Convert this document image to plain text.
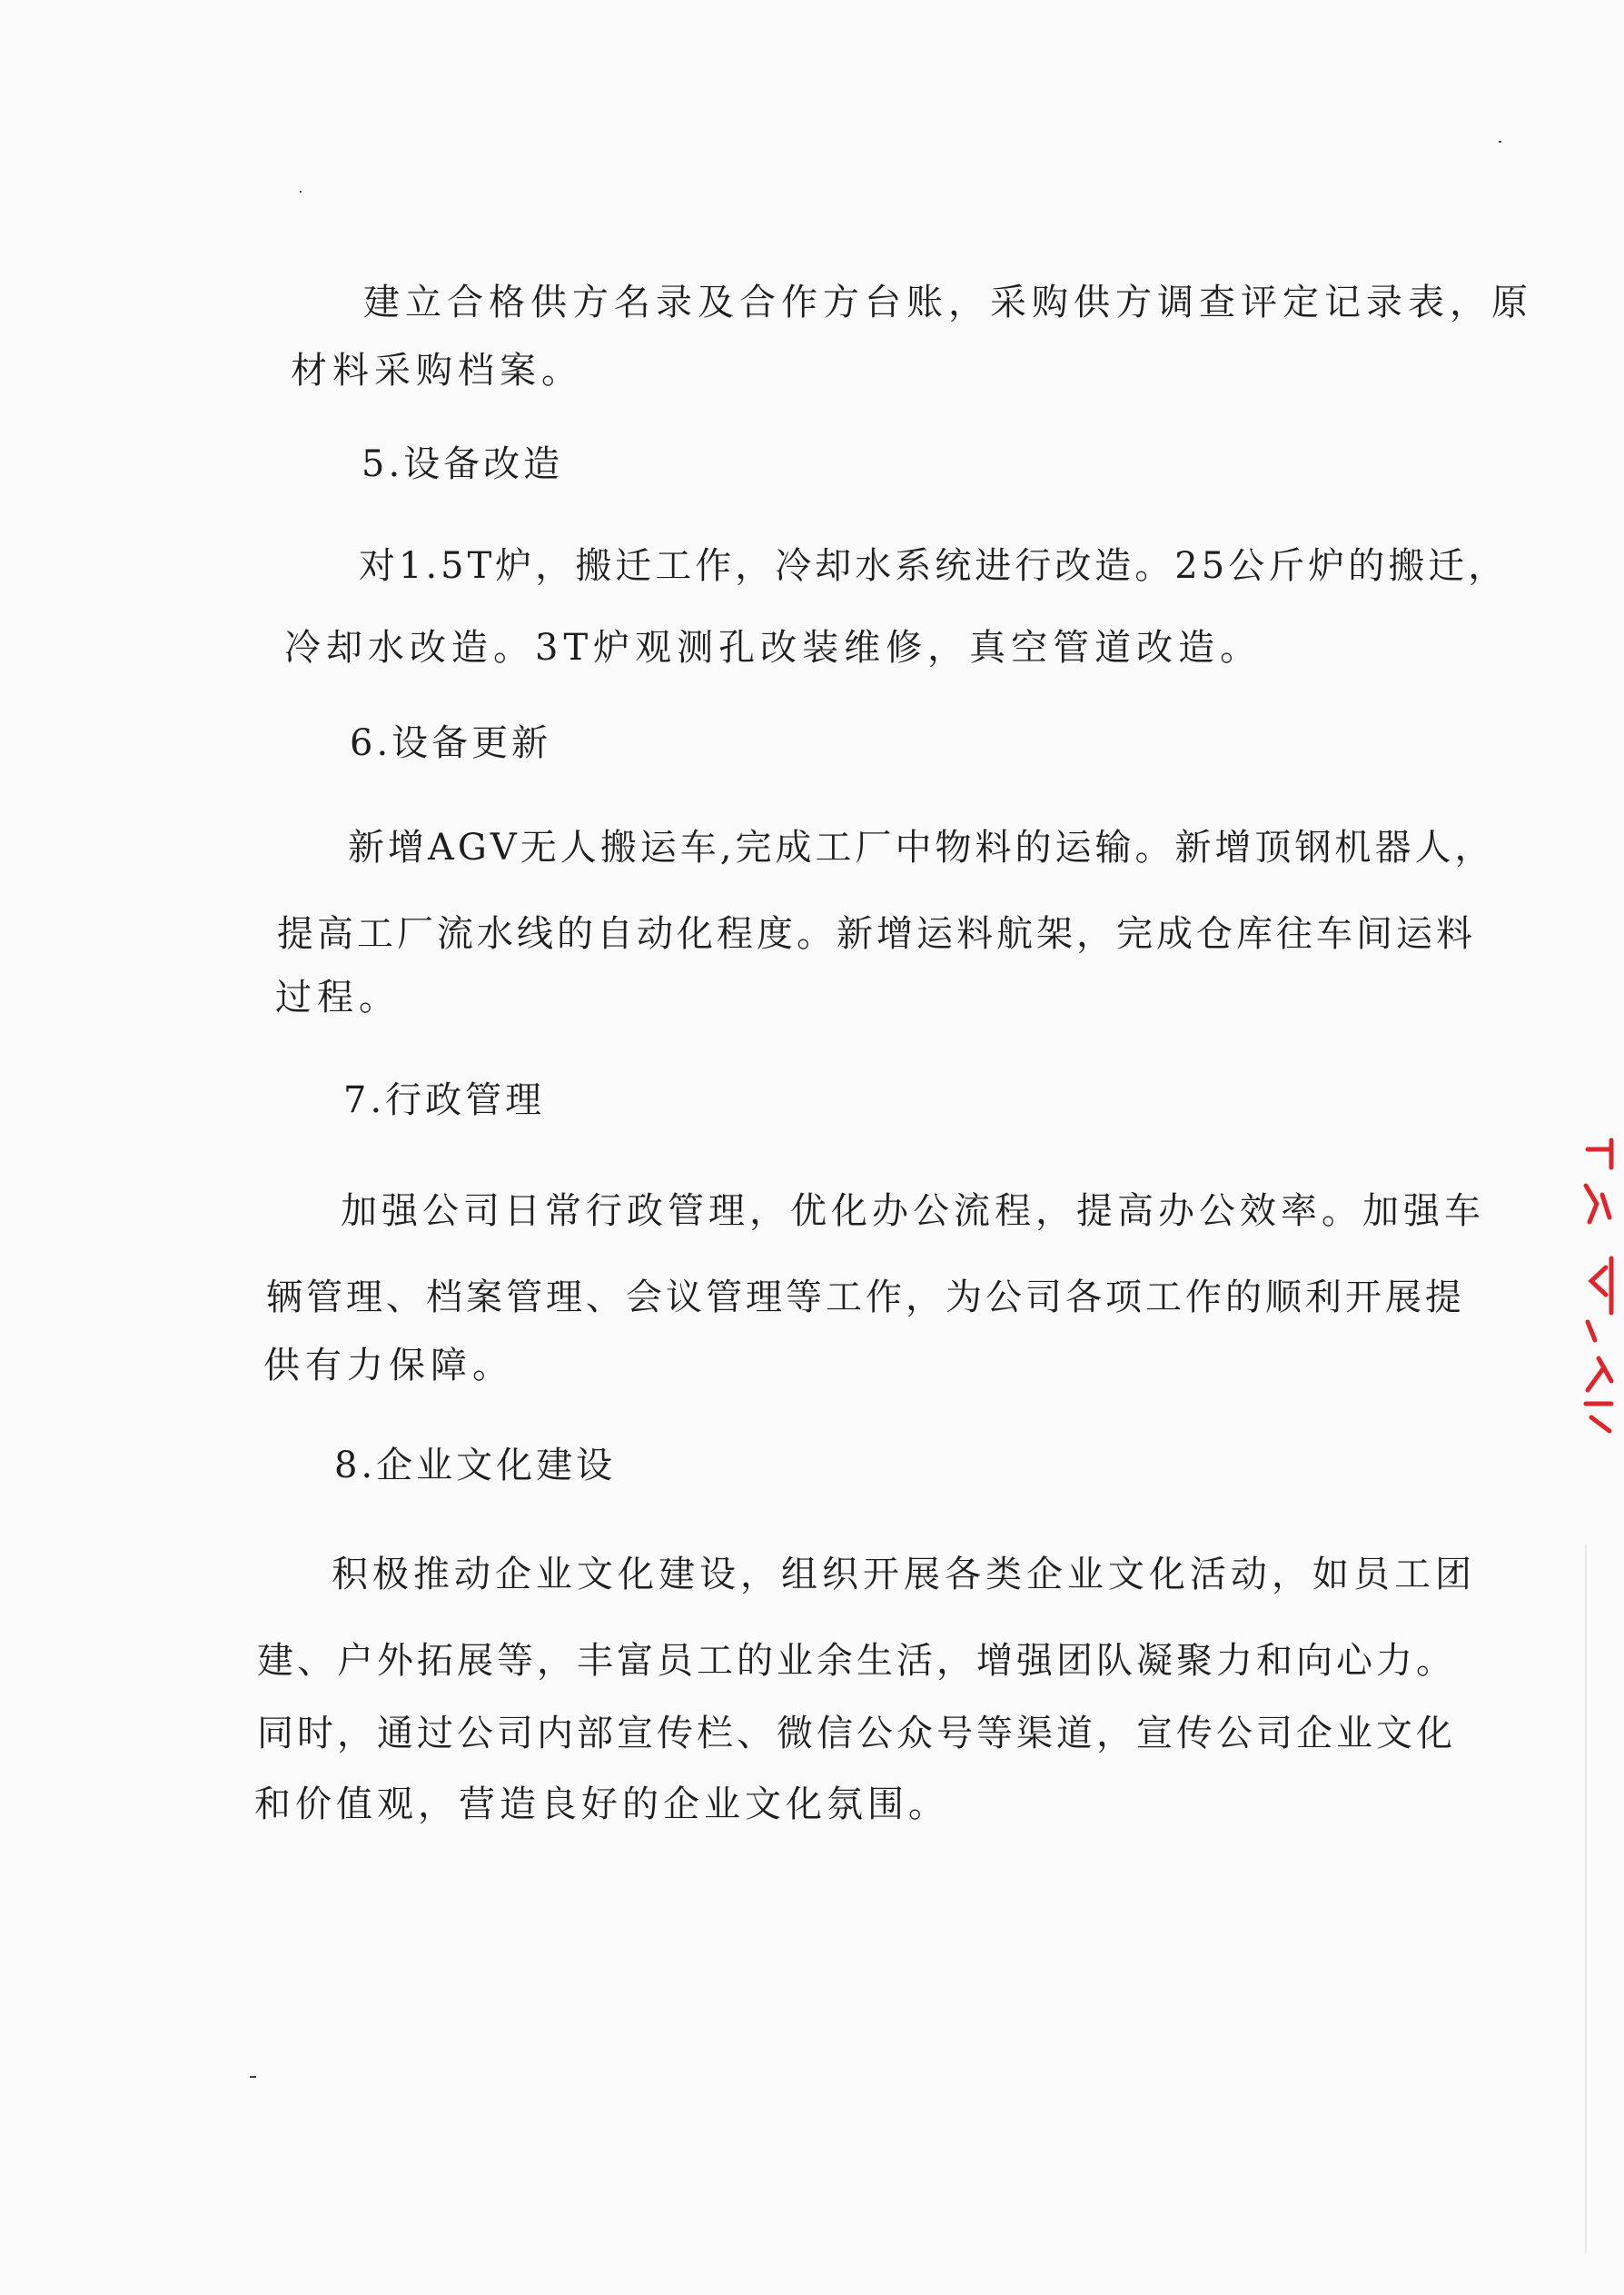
建立合格供方名录及合作方台账，采购供方调查评定记录表，原
材料采购档案。
5.设备改造
对1.5T炉，搬迁工作，冷却水系统进行改造。25公斤炉的搬迁，
冷却水改造。3T炉观测孔改装维修，真空管道改造。
6.设备更新
新增AGV无人搬运车,完成工厂中物料的运输。新增顶钢机器人，
提高工厂流水线的自动化程度。新增运料航架，完成仓库往车间运料
过程。
7.行政管理
加强公司日常行政管理，优化办公流程，提高办公效率。加强车
辆管理、档案管理、会议管理等工作，为公司各项工作的顺利开展提
供有力保障。
8.企业文化建设
积极推动企业文化建设，组织开展各类企业文化活动，如员工团
建、户外拓展等，丰富员工的业余生活，增强团队凝聚力和向心力。
同时，通过公司内部宣传栏、微信公众号等渠道，宣传公司企业文化
和价值观，营造良好的企业文化氛围。
